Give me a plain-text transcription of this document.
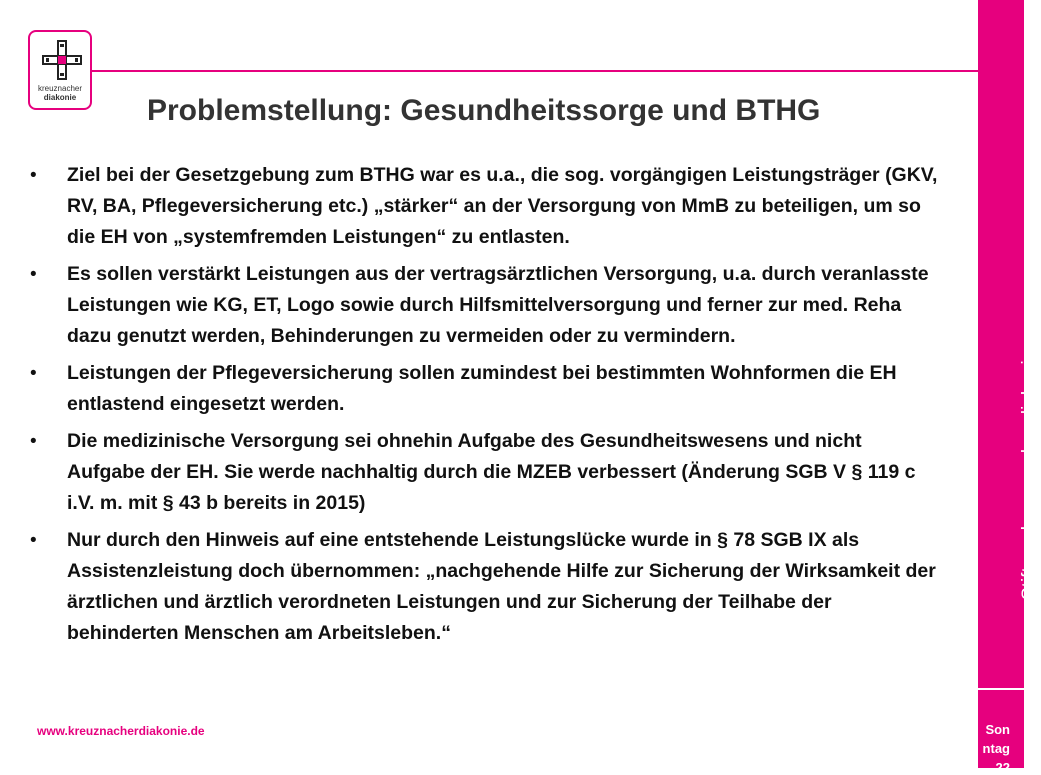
Stiftung kreuznacher diakonie
Son
ntag
22
kreuznacher
diakonie	Problemstellung: Gesundheitssorge und BTHG
• Ziel bei der Gesetzgebung zum BTHG war es u.a., die sog. vorgängigen Leistungsträger (GKV, RV, BA, Pflegeversicherung etc.) „stärker“ an der Versorgung von MmB zu beteiligen, um so die EH von „systemfremden Leistungen“ zu entlasten.
• Es sollen verstärkt Leistungen aus der vertragsärztlichen Versorgung, u.a. durch veranlasste Leistungen wie KG, ET, Logo sowie durch Hilfsmittelversorgung und ferner zur med. Reha dazu genutzt werden, Behinderungen zu vermeiden oder zu vermindern.
• Leistungen der Pflegeversicherung sollen zumindest bei bestimmten Wohnformen die EH entlastend eingesetzt werden.
• Die medizinische Versorgung sei ohnehin Aufgabe des Gesundheitswesens und nicht Aufgabe der EH. Sie werde nachhaltig durch die MZEB verbessert (Änderung SGB V § 119 c i.V. m. mit § 43 b bereits in 2015)
• Nur durch den Hinweis auf eine entstehende Leistungslücke wurde in § 78 SGB IX als Assistenzleistung doch übernommen: „nachgehende Hilfe zur Sicherung der Wirksamkeit der ärztlichen und ärztlich verordneten Leistungen und zur Sicherung der Teilhabe der behinderten Menschen am Arbeitsleben.“
www.kreuznacherdiakonie.de
